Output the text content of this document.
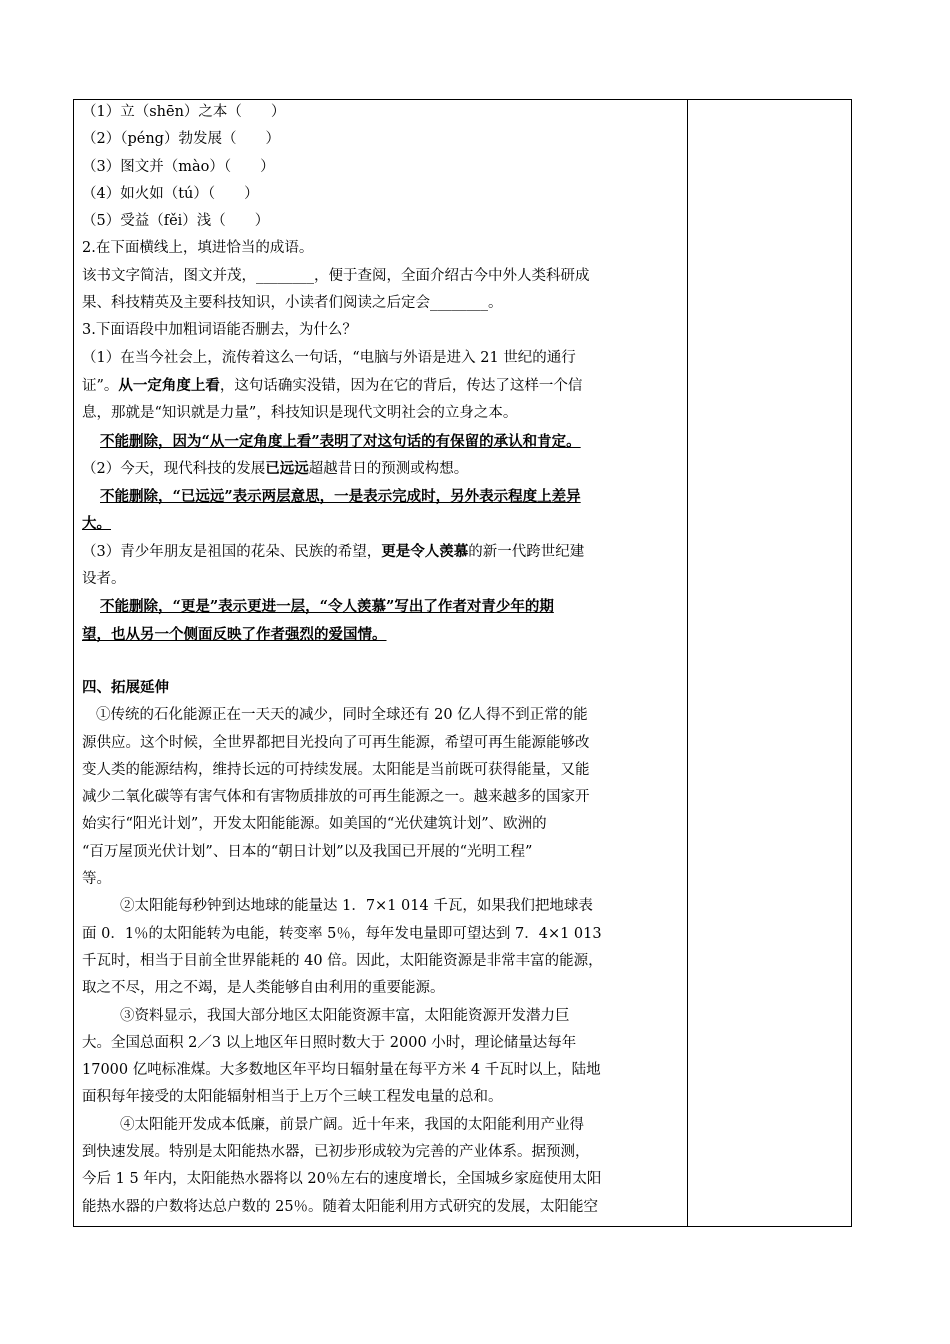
（1）立（shēn）之本（　　）
（2）（péng）勃发展（　　）
（3）图文并（mào）（　　）
（4）如火如（tú）（　　）
（5）受益（fěi）浅（　　）
2.在下面横线上，填进恰当的成语。
该书文字简洁，图文并茂，________，便于查阅，全面介绍古今中外人类科研成
果、科技精英及主要科技知识，小读者们阅读之后定会________。
3.下面语段中加粗词语能否删去，为什么？
（1）在当今社会上，流传着这么一句话，“电脑与外语是进入 21 世纪的通行
证”。从一定角度上看，这句话确实没错，因为在它的背后，传达了这样一个信
息，那就是“知识就是力量”，科技知识是现代文明社会的立身之本。
不能删除，因为“从一定角度上看”表明了对这句话的有保留的承认和肯定。
（2）今天，现代科技的发展已远远超越昔日的预测或构想。
不能删除，“已远远”表示两层意思，一是表示完成时，另外表示程度上差异
大。
（3）青少年朋友是祖国的花朵、民族的希望，更是令人羡慕的新一代跨世纪建
设者。
不能删除，“更是”表示更进一层，“令人羡慕”写出了作者对青少年的期
望，也从另一个侧面反映了作者强烈的爱国情。
四、拓展延伸
①传统的石化能源正在一天天的减少，同时全球还有 20 亿人得不到正常的能
源供应。这个时候，全世界都把目光投向了可再生能源，希望可再生能源能够改
变人类的能源结构，维持长远的可持续发展。太阳能是当前既可获得能量，又能
减少二氧化碳等有害气体和有害物质排放的可再生能源之一。越来越多的国家开
始实行“阳光计划”，开发太阳能能源。如美国的“光伏建筑计划”、欧洲的
“百万屋顶光伏计划”、日本的“朝日计划”以及我国已开展的“光明工程”
等。
②太阳能每秒钟到达地球的能量达 1．7×1 014 千瓦，如果我们把地球表
面 0．1％的太阳能转为电能，转变率 5％，每年发电量即可望达到 7．4×1 013
千瓦时，相当于目前全世界能耗的 40 倍。因此，太阳能资源是非常丰富的能源，
取之不尽，用之不竭，是人类能够自由利用的重要能源。
③资料显示，我国大部分地区太阳能资源丰富，太阳能资源开发潜力巨
大。全国总面积 2／3 以上地区年日照时数大于 2000 小时，理论储量达每年
17000 亿吨标准煤。大多数地区年平均日辐射量在每平方米 4 千瓦时以上，陆地
面积每年接受的太阳能辐射相当于上万个三峡工程发电量的总和。
④太阳能开发成本低廉，前景广阔。近十年来，我国的太阳能利用产业得
到快速发展。特别是太阳能热水器，已初步形成较为完善的产业体系。据预测，
今后 1 5 年内，太阳能热水器将以 20％左右的速度增长，全国城乡家庭使用太阳
能热水器的户数将达总户数的 25％。随着太阳能利用方式研究的发展，太阳能空
